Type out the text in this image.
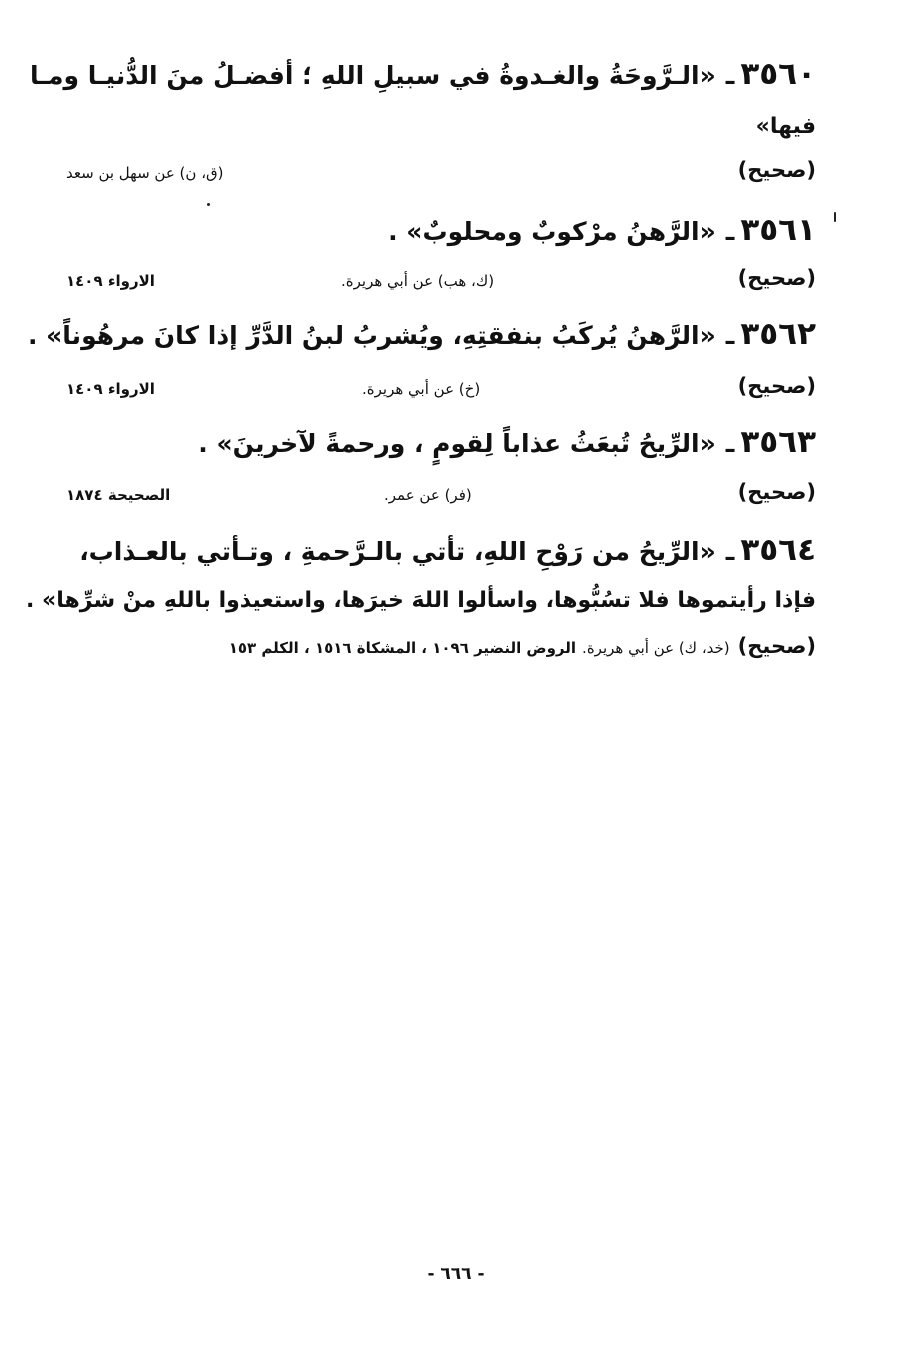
٣٥٦٠ـ«الـرَّوحَةُ والغـدوةُ في سبيلِ اللهِ ؛ أفضـلُ منَ الدُّنيـا ومـا
فيها»
(صحيح)
(ق، ن) عن سهل بن سعد
٣٥٦١ـ«الرَّهنُ مرْكوبٌ ومحلوبٌ» .
(صحيح)
(ك، هب) عن أبي هريرة.
الارواء ١٤٠٩
٣٥٦٢ـ«الرَّهنُ يُركَبُ بنفقتِهِ، ويُشربُ لبنُ الدَّرِّ إذا كانَ مرهُوناً» .
(صحيح)
(خ) عن أبي هريرة.
الارواء ١٤٠٩
٣٥٦٣ـ«الرِّيحُ تُبعَثُ عذاباً لِقومٍ ، ورحمةً لآخرينَ» .
(صحيح)
(فر) عن عمر.
الصحيحة ١٨٧٤
٣٥٦٤ـ«الرِّيحُ من رَوْحِ اللهِ، تأتي بالـرَّحمةِ ، وتـأتي بالعـذاب،
فإذا رأيتموها فلا تسُبُّوها، واسألوا اللهَ خيرَها، واستعيذوا باللهِ منْ شرِّها» .
(صحيح)(خد، ك) عن أبي هريرة.الروض النضير ١٠٩٦ ، المشكاة ١٥١٦ ، الكلم ١٥٣
- ٦٦٦ -
